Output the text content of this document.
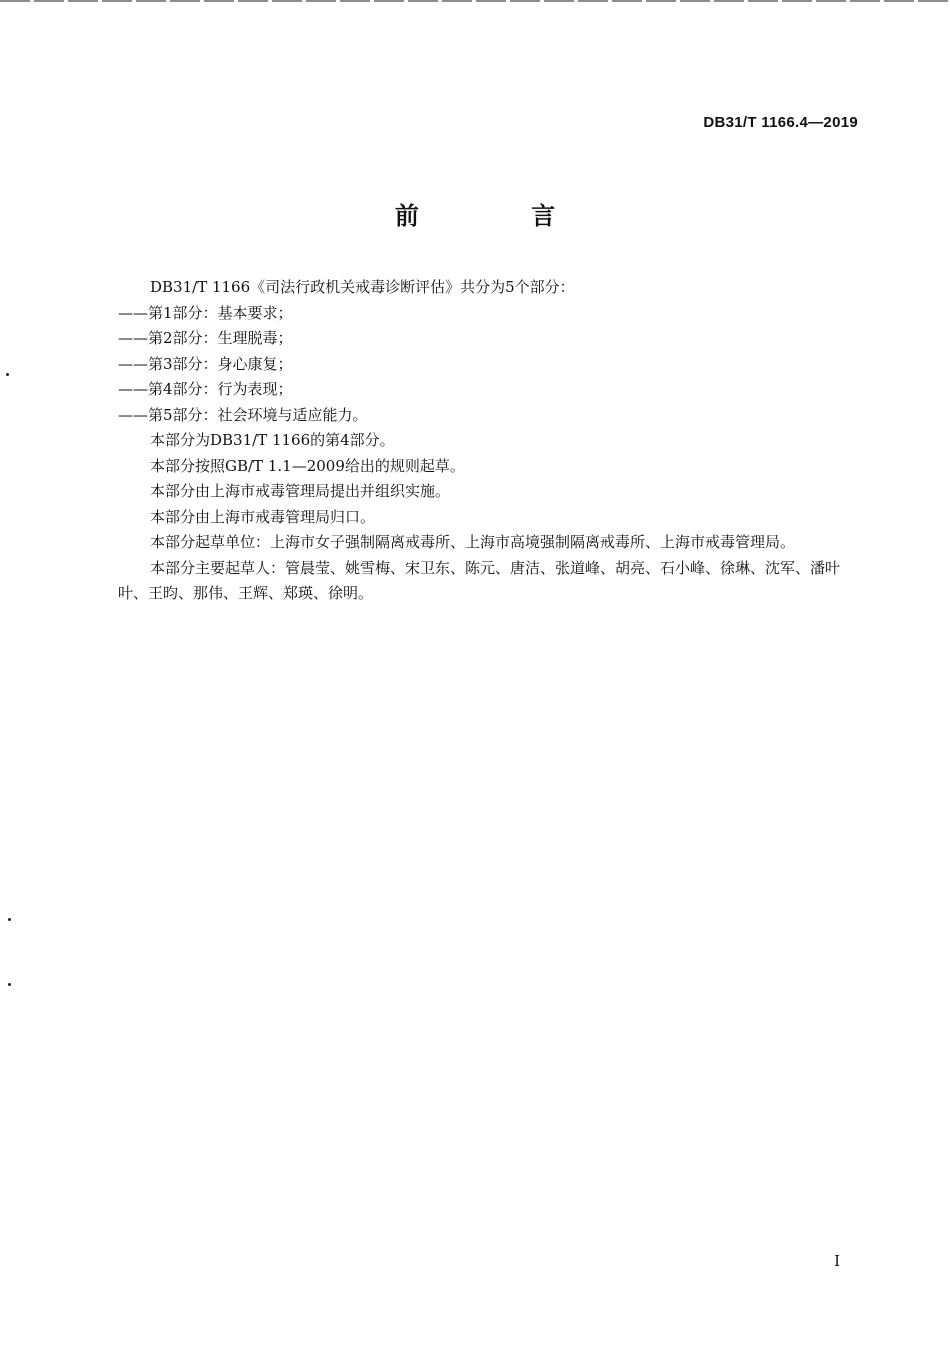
DB31/T 1166.4—2019
前 言

DB31/T 1166《司法行政机关戒毒诊断评估》共分为5个部分：

——第1部分：基本要求；

——第2部分：生理脱毒；

——第3部分：身心康复；

——第4部分：行为表现；

——第5部分：社会环境与适应能力。

本部分为DB31/T 1166的第4部分。

本部分按照GB/T 1.1—2009给出的规则起草。

本部分由上海市戒毒管理局提出并组织实施。

本部分由上海市戒毒管理局归口。

本部分起草单位：上海市女子强制隔离戒毒所、上海市高境强制隔离戒毒所、上海市戒毒管理局。

本部分主要起草人：管晨莹、姚雪梅、宋卫东、陈元、唐洁、张道峰、胡亮、石小峰、徐琳、沈军、潘叶叶、王昀、那伟、王辉、郑瑛、徐明。

I
